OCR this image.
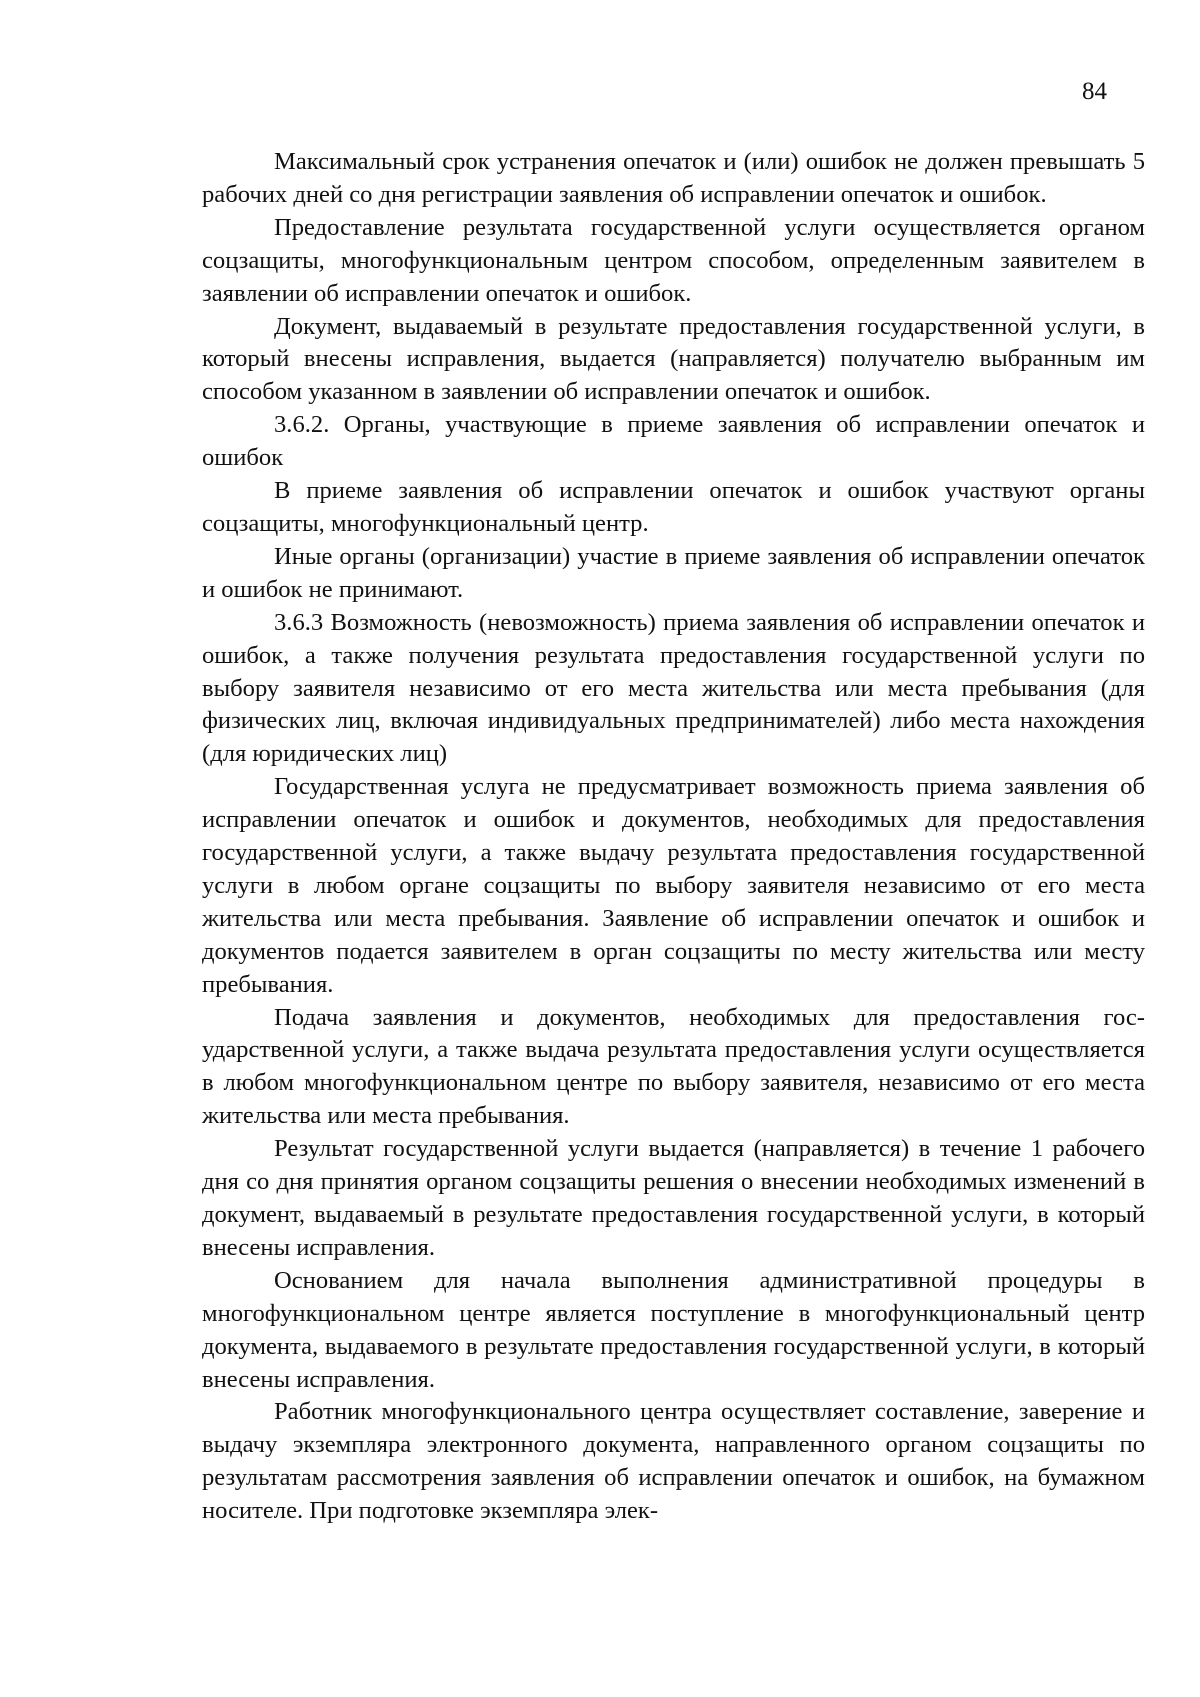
84

Максимальный срок устранения опечаток и (или) ошибок не должен превышать 5 рабочих дней со дня регистрации заявления об исправлении опечаток и ошибок.

Предоставление результата государственной услуги осуществляется органом соцзащиты, многофункциональным центром способом, определенным заявителем в заявлении об исправлении опечаток и ошибок.

Документ, выдаваемый в результате предоставления государственной услуги, в который внесены исправления, выдается (направляется) получателю выбранным им способом указанном в заявлении об исправлении опечаток и ошибок.

3.6.2. Органы, участвующие в приеме заявления об исправлении опечаток и ошибок

В приеме заявления об исправлении опечаток и ошибок участвуют органы соцзащиты, многофункциональный центр.

Иные органы (организации) участие в приеме заявления об исправлении опечаток и ошибок не принимают.

3.6.3 Возможность (невозможность) приема заявления об исправлении опечаток и ошибок, а также получения результата предоставления государственной услуги по выбору заявителя независимо от его места жительства или места пребывания (для физических лиц, включая индивидуальных предпринимателей) либо места нахождения (для юридических лиц)

Государственная услуга не предусматривает возможность приема заявления об исправлении опечаток и ошибок и документов, необходимых для предоставления государственной услуги, а также выдачу результата предоставления государственной услуги в любом органе соцзащиты по выбору заявителя независимо от его места жительства или места пребывания. Заявление об исправлении опечаток и ошибок и документов подается заявителем в орган соцзащиты по месту жительства или месту пребывания.

Подача заявления и документов, необходимых для предоставления государственной услуги, а также выдача результата предоставления услуги осуществляется в любом многофункциональном центре по выбору заявителя, независимо от его места жительства или места пребывания.

Результат государственной услуги выдается (направляется) в течение 1 рабочего дня со дня принятия органом соцзащиты решения о внесении необходимых изменений в документ, выдаваемый в результате предоставления государственной услуги, в который внесены исправления.

Основанием для начала выполнения административной процедуры в многофункциональном центре является поступление в многофункциональный центр документа, выдаваемого в результате предоставления государственной услуги, в который внесены исправления.

Работник многофункционального центра осуществляет составление, заверение и выдачу экземпляра электронного документа, направленного органом соцзащиты по результатам рассмотрения заявления об исправлении опечаток и ошибок, на бумажном носителе. При подготовке экземпляра элек-
